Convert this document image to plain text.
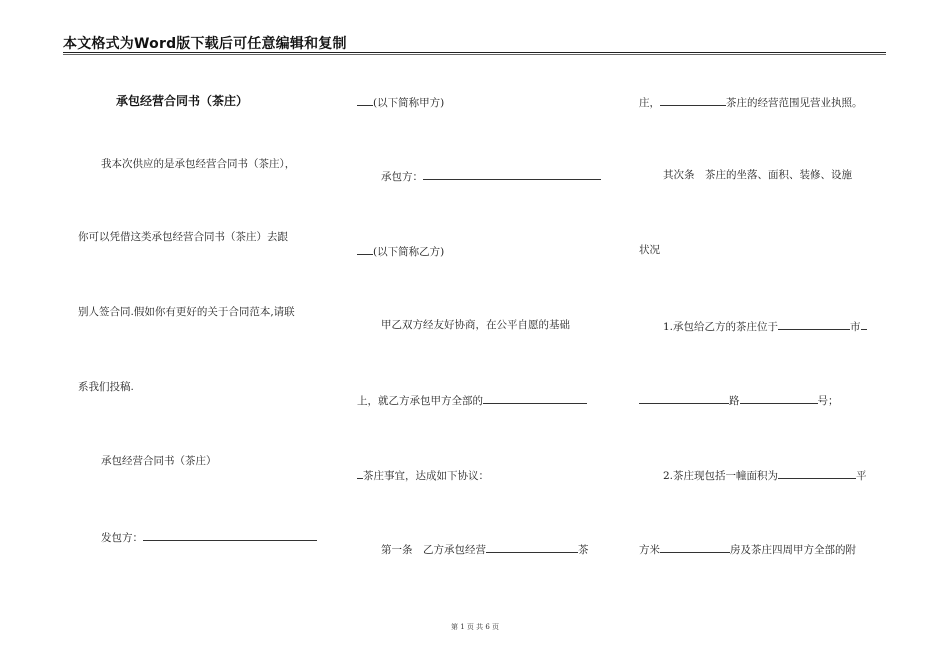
本文格式为Word版下载后可任意编辑和复制
承包经营合同书（茶庄）
我本次供应的是承包经营合同书（茶庄），
你可以凭借这类承包经营合同书（茶庄）去跟
别人签合同.假如你有更好的关于合同范本,请联
系我们投稿.
承包经营合同书（茶庄）
发包方：
(以下简称甲方)
承包方：
(以下简称乙方)
甲乙双方经友好协商，在公平自愿的基础
上，就乙方承包甲方全部的
茶庄事宜，达成如下协议：
第一条　乙方承包经营	茶
庄，	茶庄的经营范围见营业执照。
其次条　茶庄的坐落、面积、装修、设施
状况
1.承包给乙方的茶庄位于	市
路	号；
2.茶庄现包括一幢面积为	平
方米	房及茶庄四周甲方全部的附
第 1 页 共 6 页
